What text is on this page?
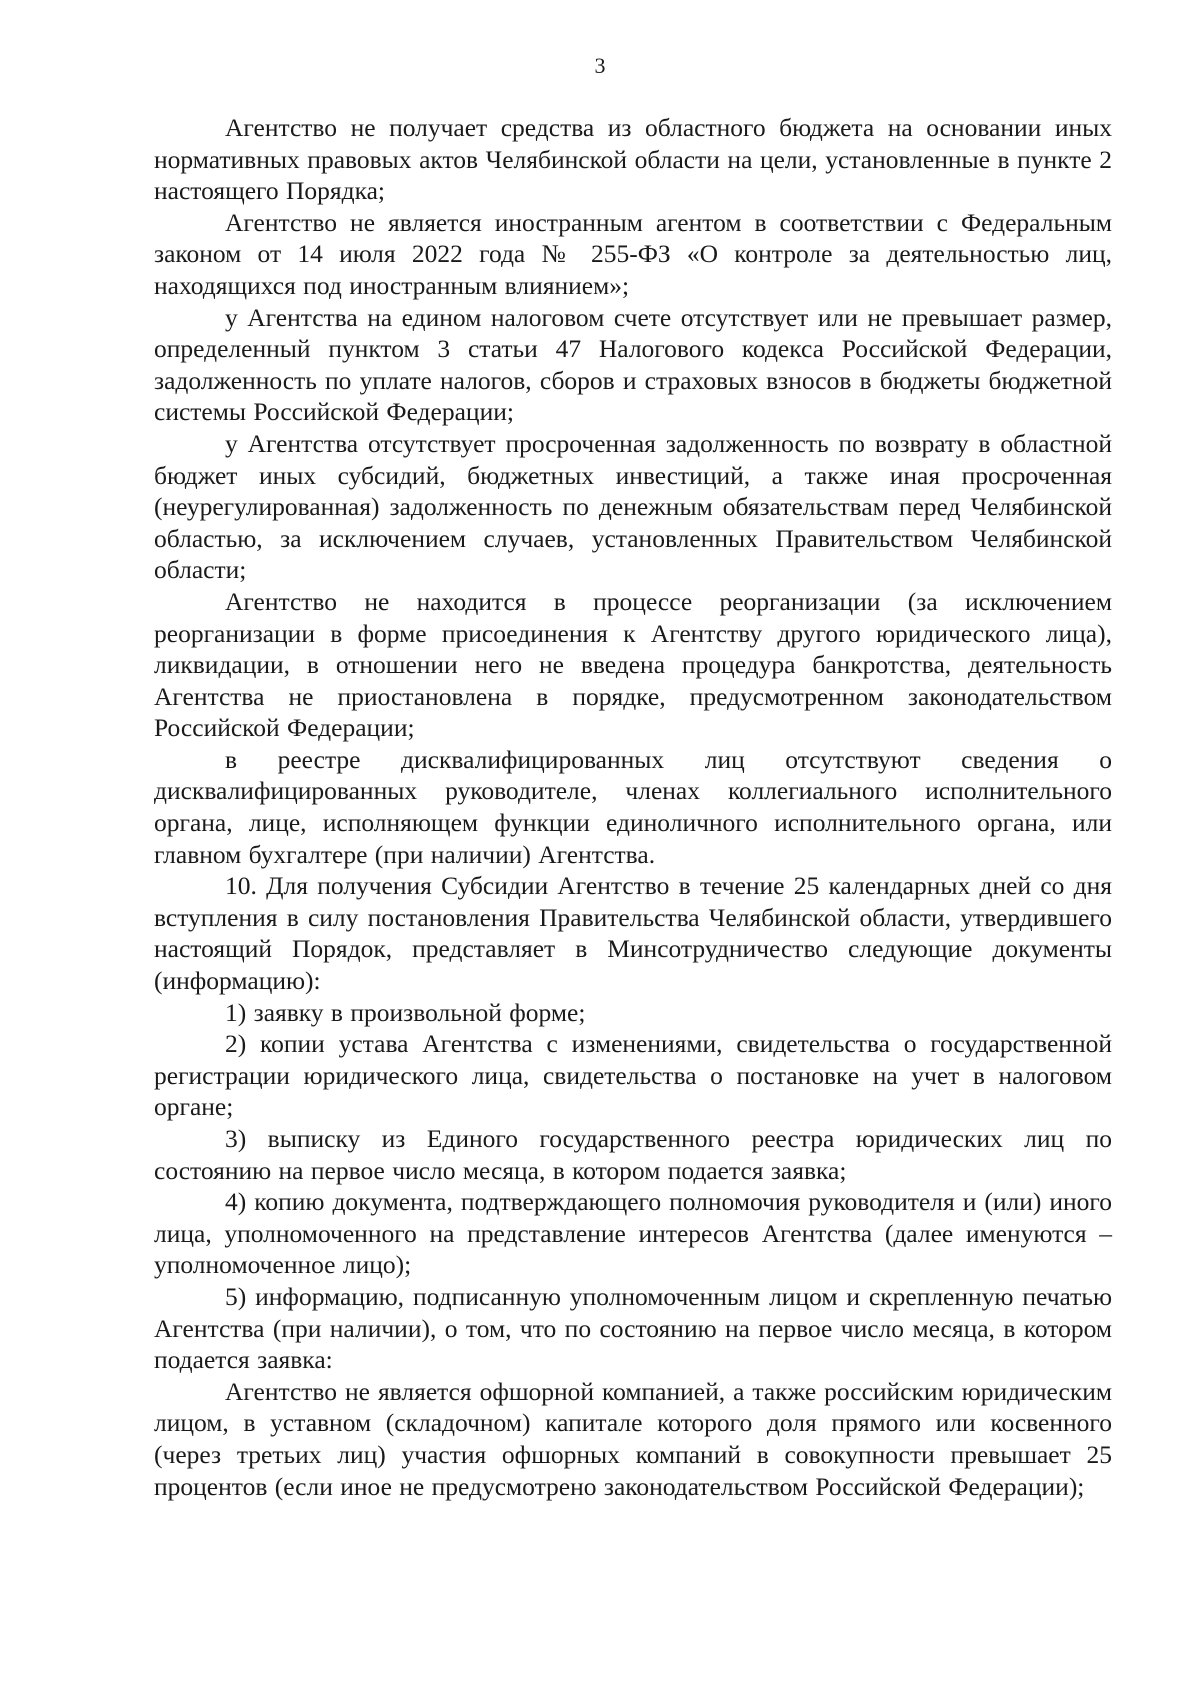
3

Агентство не получает средства из областного бюджета на основании иных нормативных правовых актов Челябинской области на цели, установленные в пункте 2 настоящего Порядка;

Агентство не является иностранным агентом в соответствии с Федеральным законом от 14 июля 2022 года № 255-ФЗ «О контроле за деятельностью лиц, находящихся под иностранным влиянием»;

у Агентства на едином налоговом счете отсутствует или не превышает размер, определенный пунктом 3 статьи 47 Налогового кодекса Российской Федерации, задолженность по уплате налогов, сборов и страховых взносов в бюджеты бюджетной системы Российской Федерации;

у Агентства отсутствует просроченная задолженность по возврату в областной бюджет иных субсидий, бюджетных инвестиций, а также иная просроченная (неурегулированная) задолженность по денежным обязательствам перед Челябинской областью, за исключением случаев, установленных Правительством Челябинской области;

Агентство не находится в процессе реорганизации (за исключением реорганизации в форме присоединения к Агентству другого юридического лица), ликвидации, в отношении него не введена процедура банкротства, деятельность Агентства не приостановлена в порядке, предусмотренном законодательством Российской Федерации;

в реестре дисквалифицированных лиц отсутствуют сведения о дисквалифицированных руководителе, членах коллегиального исполнительного органа, лице, исполняющем функции единоличного исполнительного органа, или главном бухгалтере (при наличии) Агентства.

10. Для получения Субсидии Агентство в течение 25 календарных дней со дня вступления в силу постановления Правительства Челябинской области, утвердившего настоящий Порядок, представляет в Минсотрудничество следующие документы (информацию):

1) заявку в произвольной форме;

2) копии устава Агентства с изменениями, свидетельства о государственной регистрации юридического лица, свидетельства о постановке на учет в налоговом органе;

3) выписку из Единого государственного реестра юридических лиц по состоянию на первое число месяца, в котором подается заявка;

4) копию документа, подтверждающего полномочия руководителя и (или) иного лица, уполномоченного на представление интересов Агентства (далее именуются – уполномоченное лицо);

5) информацию, подписанную уполномоченным лицом и скрепленную печатью Агентства (при наличии), о том, что по состоянию на первое число месяца, в котором подается заявка:

Агентство не является офшорной компанией, а также российским юридическим лицом, в уставном (складочном) капитале которого доля прямого или косвенного (через третьих лиц) участия офшорных компаний в совокупности превышает 25 процентов (если иное не предусмотрено законодательством Российской Федерации);
